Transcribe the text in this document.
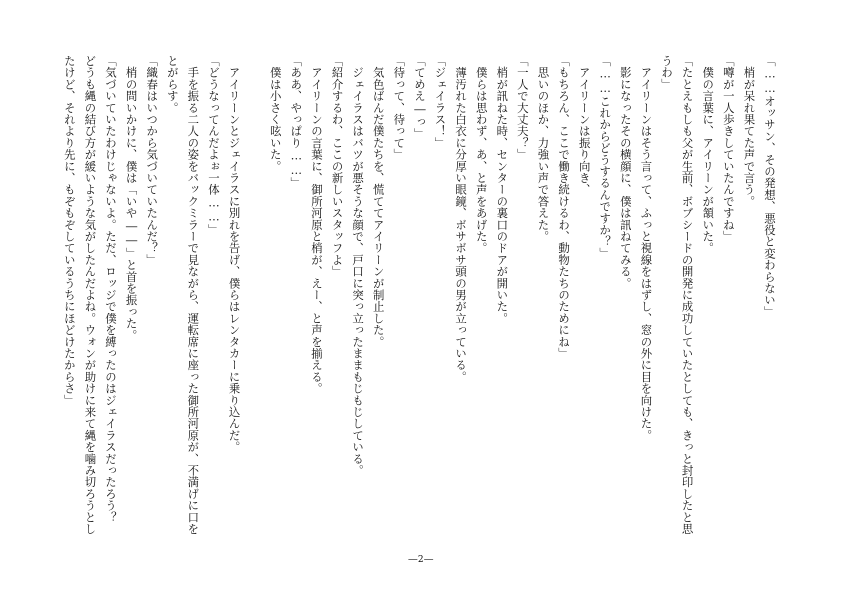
「……オッサン、その発想、悪役と変わらない」

　梢が呆れ果てた声で言う。

「噂が一人歩きしていたんですね」

　僕の言葉に、アイリーンが頷いた。

「たとえもしも父が生前、ボブシードの開発に成功していたとしても、きっと封印したと思うわ」

　アイリーンはそう言って、ふっと視線をはずし、窓の外に目を向けた。

　影になったその横顔に、僕は訊ねてみる。

「……これからどうするんですか？」

　アイリーンは振り向き、

「もちろん、ここで働き続けるわ、動物たちのためにね」

　思いのほか、力強い声で答えた。

「一人で大丈夫？」

　梢が訊ねた時、センターの裏口のドアが開いた。

　僕らは思わず、あ、と声をあげた。

　薄汚れた白衣に分厚い眼鏡、ボサボサ頭の男が立っている。

「ジェイラス！」

「てめえ―っ」

「待って、待って」

　気色ばんだ僕たちを、慌ててアイリーンが制止した。

　ジェイラスはバツが悪そうな顔で、戸口に突っ立ったままもじもじしている。

「紹介するわ、ここの新しいスタッフよ」

　アイリーンの言葉に、御所河原と梢が、えー、と声を揃える。

「ああ、やっぱり……」

　僕は小さく呟いた。

　アイリーンとジェイラスに別れを告げ、僕らはレンタカーに乗り込んだ。

「どうなってんだよぉ一体……」

　手を振る二人の姿をバックミラーで見ながら、運転席に座った御所河原が、不満げに口をとがらす。

「織春はいつから気づいていたんだ？」

　梢の問いかけに、僕は「いや――」と首を振った。

「気づいていたわけじゃないよ。ただ、ロッジで僕を縛ったのはジェイラスだったろう？　どうも縄の結び方が緩いような気がしたんだよね。ウォンが助けに来て縄を噛み切ろうとしたけど、それより先に、もぞもぞしているうちにほどけたからさ」

―2―
